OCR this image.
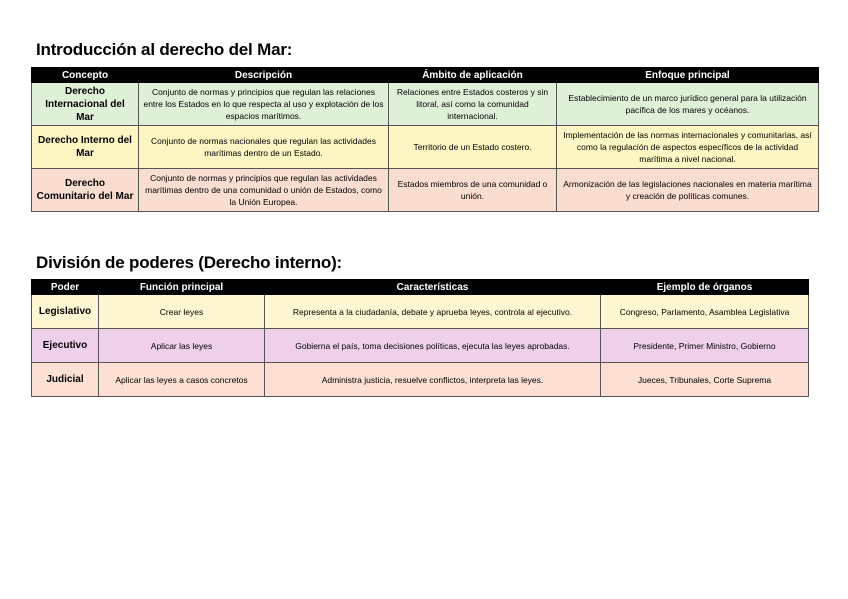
Introducción al derecho del Mar:
Concepto	Descripción	Ámbito de aplicación	Enfoque principal
Derecho Internacional del Mar	Conjunto de normas y principios que regulan las relaciones entre los Estados en lo que respecta al uso y explotación de los espacios marítimos.	Relaciones entre Estados costeros y sin litoral, así como la comunidad internacional.	Establecimiento de un marco jurídico general para la utilización pacífica de los mares y océanos.
Derecho Interno del Mar	Conjunto de normas nacionales que regulan las actividades marítimas dentro de un Estado.	Territorio de un Estado costero.	Implementación de las normas internacionales y comunitarias, así como la regulación de aspectos específicos de la actividad marítima a nivel nacional.
Derecho Comunitario del Mar	Conjunto de normas y principios que regulan las actividades marítimas dentro de una comunidad o unión de Estados, como la Unión Europea.	Estados miembros de una comunidad o unión.	Armonización de las legislaciones nacionales en materia marítima y creación de políticas comunes.
División de poderes (Derecho interno):
Poder	Función principal	Características	Ejemplo de órganos
Legislativo	Crear leyes	Representa a la ciudadanía, debate y aprueba leyes, controla al ejecutivo.	Congreso, Parlamento, Asamblea Legislativa
Ejecutivo	Aplicar las leyes	Gobierna el país, toma decisiones políticas, ejecuta las leyes aprobadas.	Presidente, Primer Ministro, Gobierno
Judicial	Aplicar las leyes a casos concretos	Administra justicia, resuelve conflictos, interpreta las leyes.	Jueces, Tribunales, Corte Suprema
